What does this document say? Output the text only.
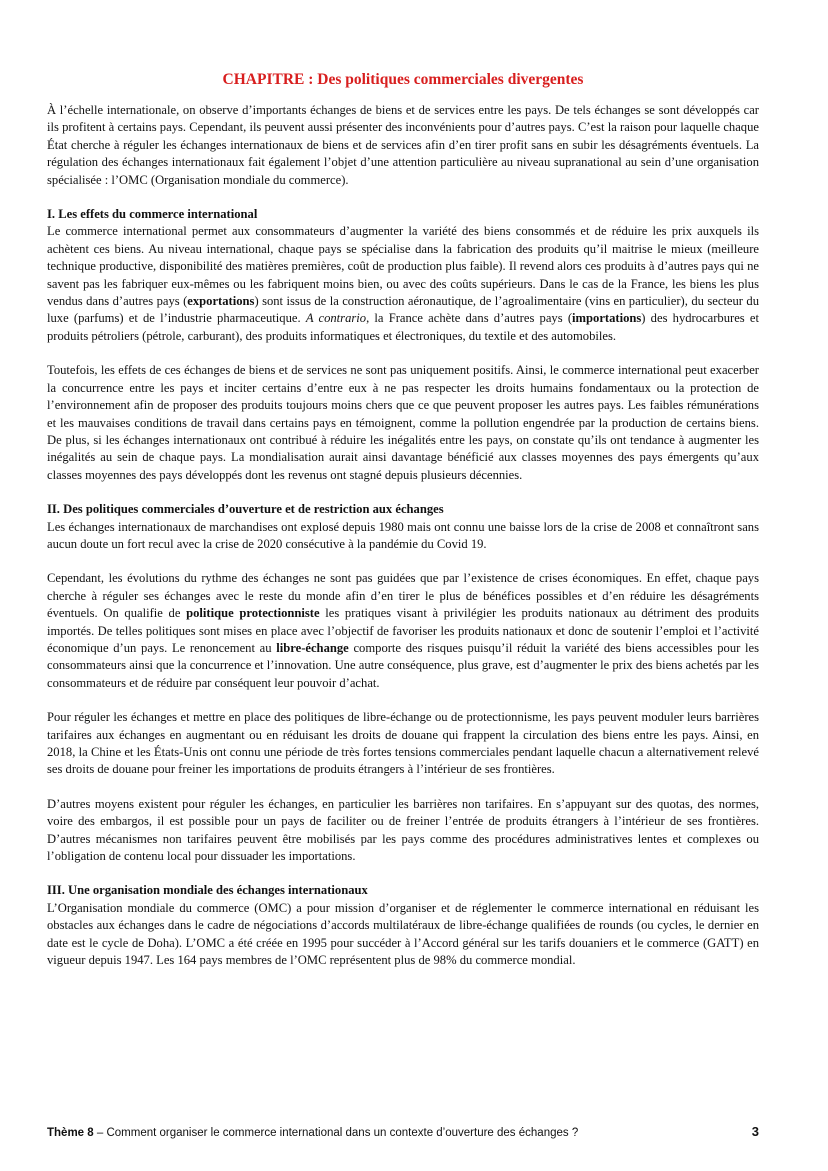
CHAPITRE : Des politiques commerciales divergentes

À l’échelle internationale, on observe d’importants échanges de biens et de services entre les pays. De tels échanges se sont développés car ils profitent à certains pays. Cependant, ils peuvent aussi présenter des inconvénients pour d’autres pays. C’est la raison pour laquelle chaque État cherche à réguler les échanges internationaux de biens et de services afin d’en tirer profit sans en subir les désagréments éventuels. La régulation des échanges internationaux fait également l’objet d’une attention particulière au niveau supranational au sein d’une organisation spécialisée : l’OMC (Organisation mondiale du commerce).

I. Les effets du commerce international

Le commerce international permet aux consommateurs d’augmenter la variété des biens consommés et de réduire les prix auxquels ils achètent ces biens. Au niveau international, chaque pays se spécialise dans la fabrication des produits qu’il maitrise le mieux (meilleure technique productive, disponibilité des matières premières, coût de production plus faible). Il revend alors ces produits à d’autres pays qui ne savent pas les fabriquer eux-mêmes ou les fabriquent moins bien, ou avec des coûts supérieurs. Dans le cas de la France, les biens les plus vendus dans d’autres pays (exportations) sont issus de la construction aéronautique, de l’agroalimentaire (vins en particulier), du secteur du luxe (parfums) et de l’industrie pharmaceutique. A contrario, la France achète dans d’autres pays (importations) des hydrocarbures et produits pétroliers (pétrole, carburant), des produits informatiques et électroniques, du textile et des automobiles.

Toutefois, les effets de ces échanges de biens et de services ne sont pas uniquement positifs. Ainsi, le commerce international peut exacerber la concurrence entre les pays et inciter certains d’entre eux à ne pas respecter les droits humains fondamentaux ou la protection de l’environnement afin de proposer des produits toujours moins chers que ce que peuvent proposer les autres pays. Les faibles rémunérations et les mauvaises conditions de travail dans certains pays en témoignent, comme la pollution engendrée par la production de certains biens. De plus, si les échanges internationaux ont contribué à réduire les inégalités entre les pays, on constate qu’ils ont tendance à augmenter les inégalités au sein de chaque pays. La mondialisation aurait ainsi davantage bénéficié aux classes moyennes des pays émergents qu’aux classes moyennes des pays développés dont les revenus ont stagné depuis plusieurs décennies.

II. Des politiques commerciales d’ouverture et de restriction aux échanges

Les échanges internationaux de marchandises ont explosé depuis 1980 mais ont connu une baisse lors de la crise de 2008 et connaîtront sans aucun doute un fort recul avec la crise de 2020 consécutive à la pandémie du Covid 19.

Cependant, les évolutions du rythme des échanges ne sont pas guidées que par l’existence de crises économiques. En effet, chaque pays cherche à réguler ses échanges avec le reste du monde afin d’en tirer le plus de bénéfices possibles et d’en réduire les désagréments éventuels. On qualifie de politique protectionniste les pratiques visant à privilégier les produits nationaux au détriment des produits importés. De telles politiques sont mises en place avec l’objectif de favoriser les produits nationaux et donc de soutenir l’emploi et l’activité économique d’un pays. Le renoncement au libre-échange comporte des risques puisqu’il réduit la variété des biens accessibles pour les consommateurs ainsi que la concurrence et l’innovation. Une autre conséquence, plus grave, est d’augmenter le prix des biens achetés par les consommateurs et de réduire par conséquent leur pouvoir d’achat.

Pour réguler les échanges et mettre en place des politiques de libre-échange ou de protectionnisme, les pays peuvent moduler leurs barrières tarifaires aux échanges en augmentant ou en réduisant les droits de douane qui frappent la circulation des biens entre les pays. Ainsi, en 2018, la Chine et les États-Unis ont connu une période de très fortes tensions commerciales pendant laquelle chacun a alternativement relevé ses droits de douane pour freiner les importations de produits étrangers à l’intérieur de ses frontières.

D’autres moyens existent pour réguler les échanges, en particulier les barrières non tarifaires. En s’appuyant sur des quotas, des normes, voire des embargos, il est possible pour un pays de faciliter ou de freiner l’entrée de produits étrangers à l’intérieur de ses frontières. D’autres mécanismes non tarifaires peuvent être mobilisés par les pays comme des procédures administratives lentes et complexes ou l’obligation de contenu local pour dissuader les importations.

III. Une organisation mondiale des échanges internationaux

L’Organisation mondiale du commerce (OMC) a pour mission d’organiser et de réglementer le commerce international en réduisant les obstacles aux échanges dans le cadre de négociations d’accords multilatéraux de libre-échange qualifiées de rounds (ou cycles, le dernier en date est le cycle de Doha). L’OMC a été créée en 1995 pour succéder à l’Accord général sur les tarifs douaniers et le commerce (GATT) en vigueur depuis 1947. Les 164 pays membres de l’OMC représentent plus de 98% du commerce mondial.

Thème 8 – Comment organiser le commerce international dans un contexte d’ouverture des échanges ?	3
